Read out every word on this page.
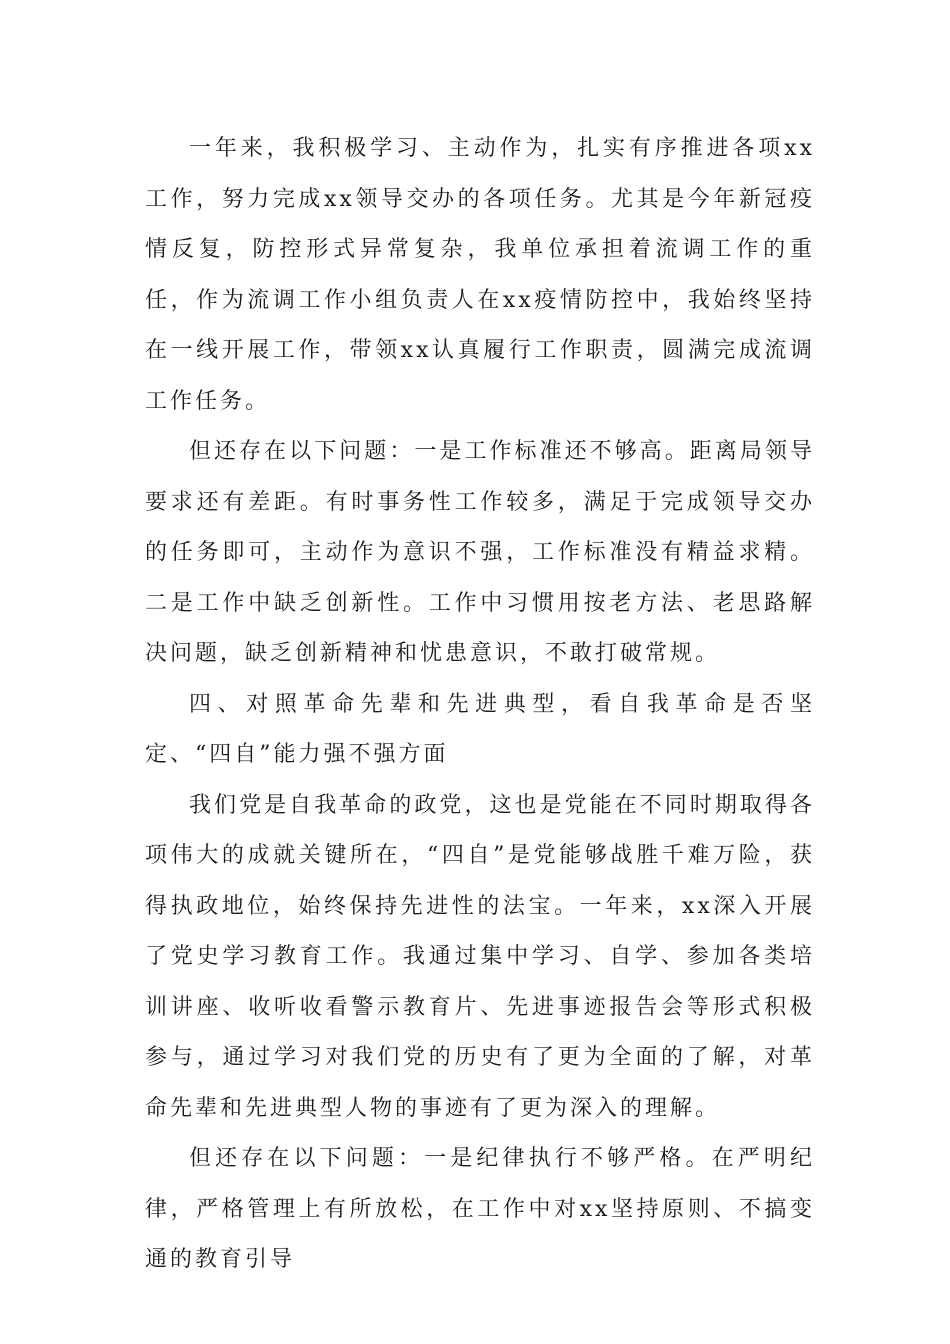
一年来，我积极学习、主动作为，扎实有序推进各项xx工作，努力完成xx领导交办的各项任务。尤其是今年新冠疫情反复，防控形式异常复杂，我单位承担着流调工作的重任，作为流调工作小组负责人在xx疫情防控中，我始终坚持在一线开展工作，带领xx认真履行工作职责，圆满完成流调工作任务。

但还存在以下问题：一是工作标准还不够高。距离局领导要求还有差距。有时事务性工作较多，满足于完成领导交办的任务即可，主动作为意识不强，工作标准没有精益求精。二是工作中缺乏创新性。工作中习惯用按老方法、老思路解决问题，缺乏创新精神和忧患意识，不敢打破常规。

四、对照革命先辈和先进典型，看自我革命是否坚定、“四自”能力强不强方面

我们党是自我革命的政党，这也是党能在不同时期取得各项伟大的成就关键所在，“四自”是党能够战胜千难万险，获得执政地位，始终保持先进性的法宝。一年来，xx深入开展了党史学习教育工作。我通过集中学习、自学、参加各类培训讲座、收听收看警示教育片、先进事迹报告会等形式积极参与，通过学习对我们党的历史有了更为全面的了解，对革命先辈和先进典型人物的事迹有了更为深入的理解。

但还存在以下问题：一是纪律执行不够严格。在严明纪律，严格管理上有所放松，在工作中对xx坚持原则、不搞变通的教育引导
